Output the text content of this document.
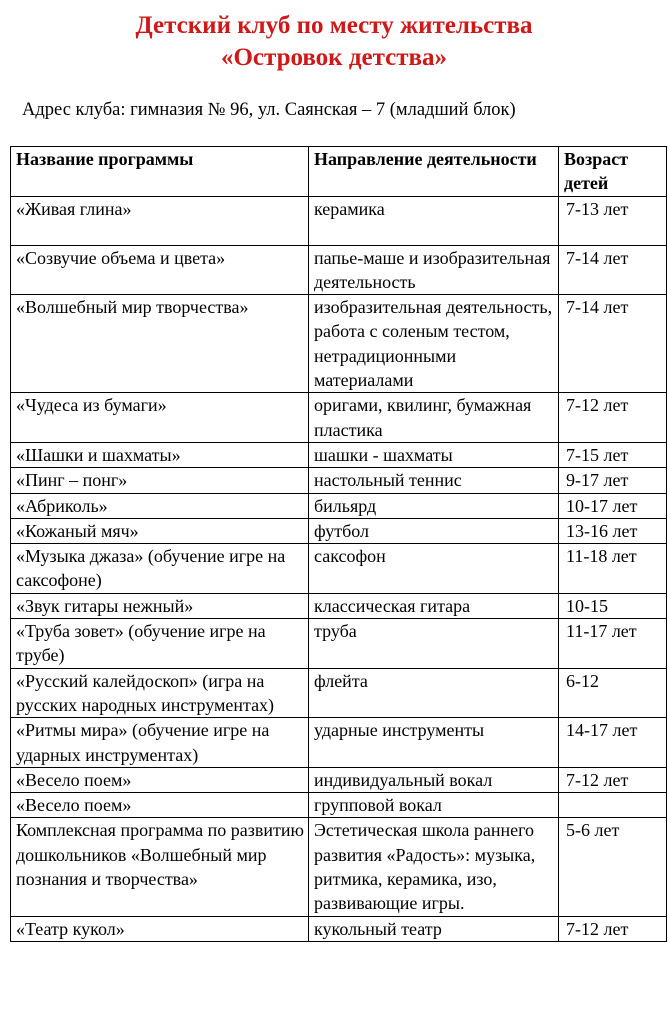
Детский клуб по месту жительства
«Островок детства»
Адрес клуба: гимназия № 96, ул. Саянская – 7 (младший блок)
Название программы	Направление деятельности	Возраст детей
«Живая глина»	керамика	7-13 лет
«Созвучие объема и цвета»	папье-маше и изобразительная деятельность	7-14 лет
«Волшебный мир творчества»	изобразительная деятельность, работа с соленым тестом, нетрадиционными материалами	7-14 лет
«Чудеса из бумаги»	оригами, квилинг, бумажная пластика	7-12 лет
«Шашки и шахматы»	шашки - шахматы	7-15 лет
«Пинг – понг»	настольный теннис	9-17 лет
«Абриколь»	бильярд	10-17 лет
«Кожаный мяч»	футбол	13-16 лет
«Музыка джаза» (обучение игре на саксофоне)	саксофон	11-18 лет
«Звук гитары нежный»	классическая гитара	10-15
«Труба зовет» (обучение игре на трубе)	труба	11-17 лет
«Русский калейдоскоп» (игра на русских народных инструментах)	флейта	6-12
«Ритмы мира» (обучение игре на ударных инструментах)	ударные инструменты	14-17 лет
«Весело поем»	индивидуальный вокал	7-12 лет
«Весело поем»	групповой вокал	
Комплексная программа по развитию дошкольников «Волшебный мир познания и творчества»	Эстетическая школа раннего развития «Радость»: музыка, ритмика, керамика, изо, развивающие игры.	5-6 лет
«Театр кукол»	кукольный театр	7-12 лет
